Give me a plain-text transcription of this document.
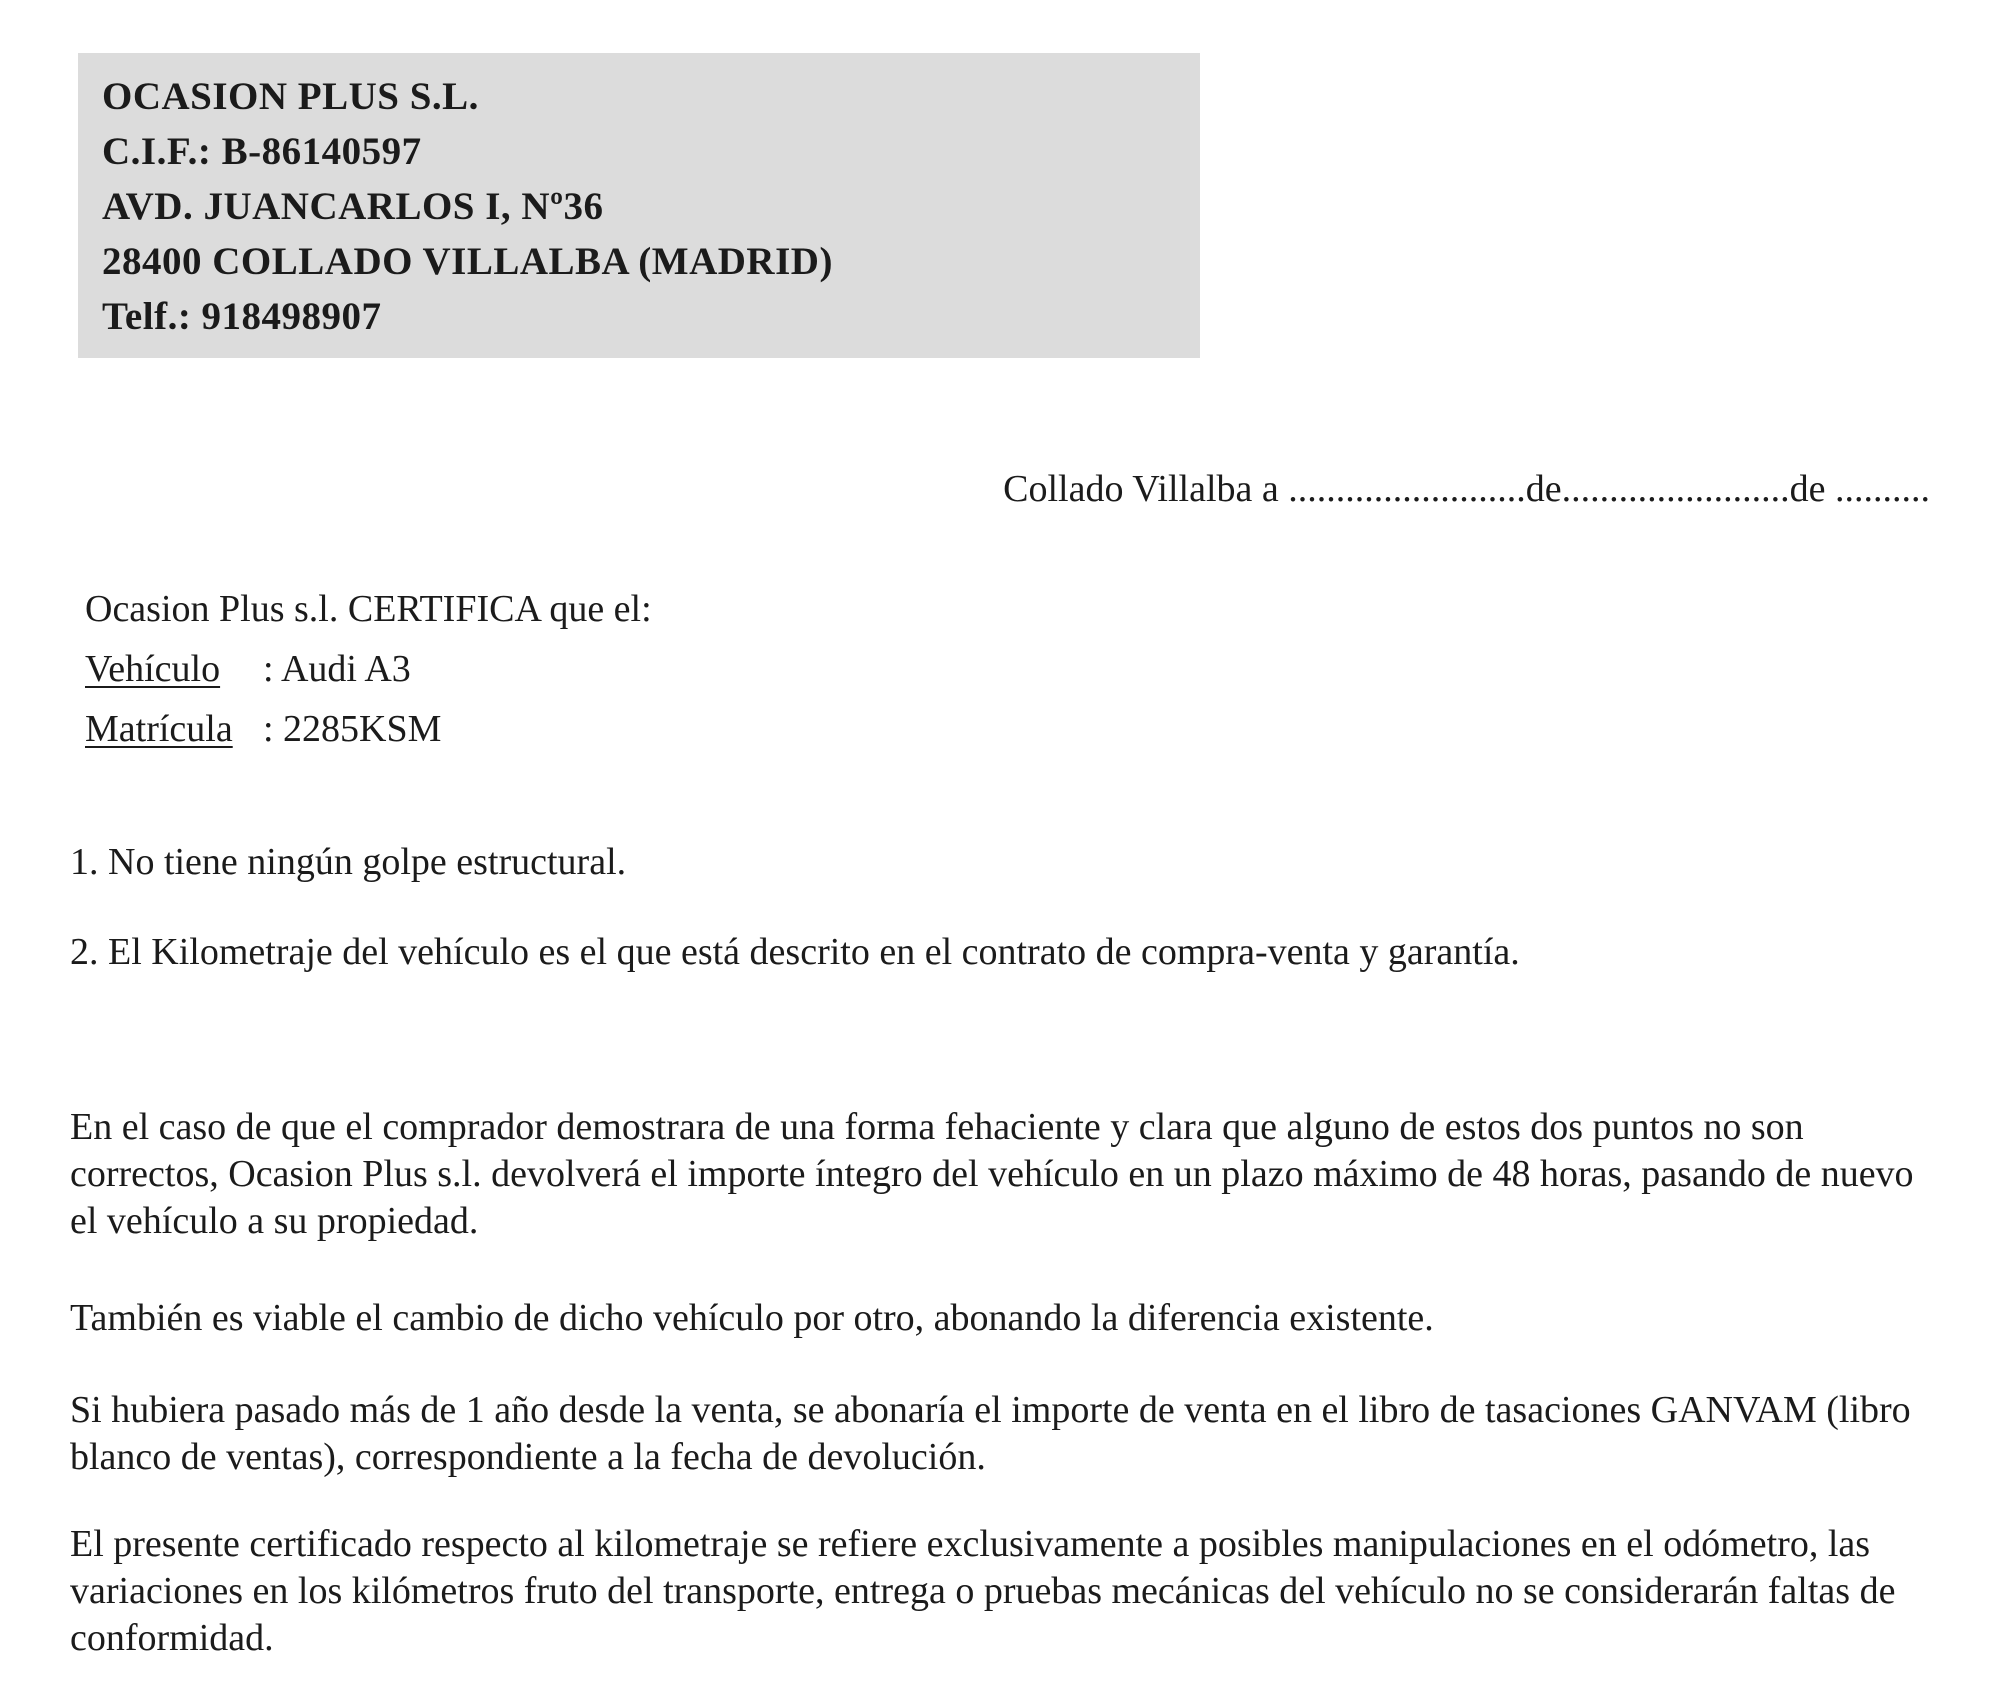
OCASION PLUS S.L.
C.I.F.: B-86140597
AVD. JUANCARLOS I, Nº36
28400 COLLADO VILLALBA (MADRID)
Telf.: 918498907
Collado Villalba a .........................de........................de ..........
Ocasion Plus s.l. CERTIFICA que el:
Vehículo : Audi A3
Matrícula : 2285KSM
1. No tiene ningún golpe estructural.
2. El Kilometraje del vehículo es el que está descrito en el contrato de compra-venta y garantía.
En el caso de que el comprador demostrara de una forma fehaciente y clara que alguno de estos dos puntos no son correctos, Ocasion Plus s.l. devolverá el importe íntegro del vehículo en un plazo máximo de 48 horas, pasando de nuevo el vehículo a su propiedad.
También es viable el cambio de dicho vehículo por otro, abonando la diferencia existente.
Si hubiera pasado más de 1 año desde la venta, se abonaría el importe de venta en el libro de tasaciones GANVAM (libro blanco de ventas), correspondiente a la fecha de devolución.
El presente certificado respecto al kilometraje se refiere exclusivamente a posibles manipulaciones en el odómetro, las variaciones en los kilómetros fruto del transporte, entrega o pruebas mecánicas del vehículo no se considerarán faltas de conformidad.
